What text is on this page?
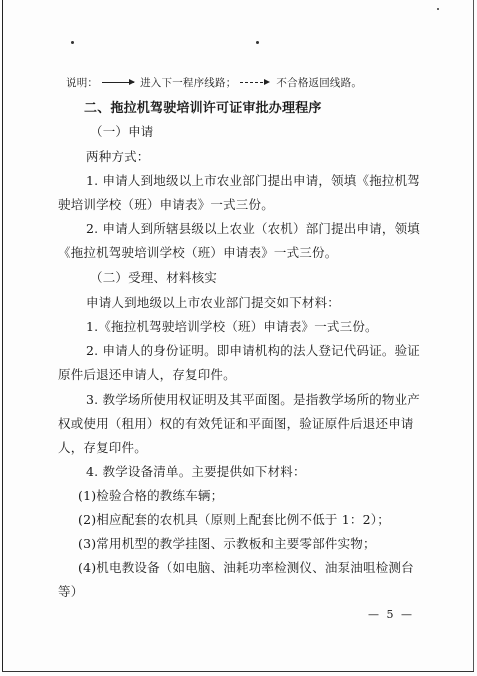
说明：	进入下一程序线路；	不合格返回线路。
二、拖拉机驾驶培训许可证审批办理程序
（一）申请
两种方式：
1. 申请人到地级以上市农业部门提出申请，领填《拖拉机驾
驶培训学校（班）申请表》一式三份。
2. 申请人到所辖县级以上农业（农机）部门提出申请，领填
《拖拉机驾驶培训学校（班）申请表》一式三份。
（二）受理、材料核实
申请人到地级以上市农业部门提交如下材料：
1.《拖拉机驾驶培训学校（班）申请表》一式三份。
2. 申请人的身份证明。即申请机构的法人登记代码证。验证
原件后退还申请人，存复印件。
3. 教学场所使用权证明及其平面图。是指教学场所的物业产
权或使用（租用）权的有效凭证和平面图，验证原件后退还申请
人，存复印件。
4. 教学设备清单。主要提供如下材料：
(1)检验合格的教练车辆；
(2)相应配套的农机具（原则上配套比例不低于 1：2）；
(3)常用机型的教学挂图、示教板和主要零部件实物；
(4)机电教设备（如电脑、油耗功率检测仪、油泵油咀检测台
等）
— 5 —
